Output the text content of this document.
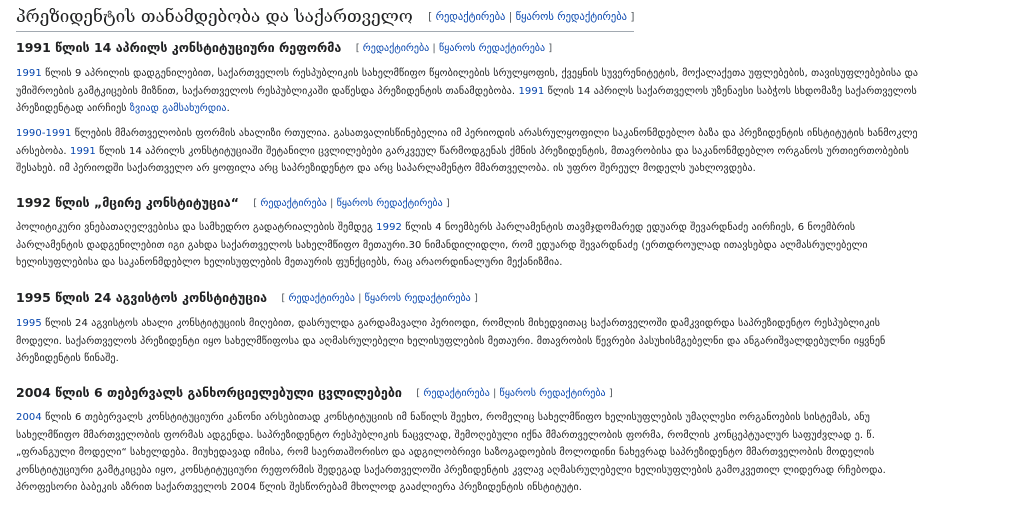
პრეზიდენტის თანამდებობა და საქართველო [ რედაქტირება | წყაროს რედაქტირება ]
1991 წლის 14 აპრილს კონსტიტუციური რეფორმა [ რედაქტირება | წყაროს რედაქტირება ]

1991 წლის 9 აპრილის დადგენილებით, საქართველოს რესპუბლიკის სახელმწიფო წყობილების სრულყოფის, ქვეყნის სუვერენიტეტის, მოქალაქეთა უფლებების, თავისუფლებებისა და
უმიშროების გამტკიცების მიზნით, საქართველოს რესპუბლიკაში დაწესდა პრეზიდენტის თანამდებობა. 1991 წლის 14 აპრილს საქართველოს უზენაესი საბჭოს სხდომაზე საქართველოს
პრეზიდენტად აირჩიეს ზვიად გამსახურდია.

1990-1991 წლების მმართველობის ფორმის ახალიზი რთულია. გასათვალისწინებელია იმ პერიოდის არასრულყოფილი საკანონმდებლო ბაზა და პრეზიდენტის ინსტიტუტის ხანმოკლე
არსებობა. 1991 წლის 14 აპრილს კონსტიტუციაში შეტანილი ცვლილებები გარკვეულ წარმოდგენას ქმნის პრეზიდენტის, მთავრობისა და საკანონმდებლო ორგანოს ურთიერთობების
შესახებ. იმ პერიოდში საქართველო არ ყოფილა არც საპრეზიდენტო და არც საპარლამენტო მმართველობა. ის უფრო შერეულ მოდელს უახლოვდება.

1992 წლის „მცირე კონსტიტუცია“ [ რედაქტირება | წყაროს რედაქტირება ]

პოლიტიკური ვნებათაღელვებისა და სამხედრო გადატრიალების შემდეგ 1992 წლის 4 ნოემბერს პარლამენტის თავმჯდომარედ ედუარდ შევარდნაძე აირჩიეს, 6 ნოემბრის
პარლამენტის დადგენილებით იგი გახდა საქართველოს სახელმწიფო მეთაური.30 ნიმანდილიდლი, რომ ედუარდ შევარდნაძე (ერთდროულად ითავსებდა ალმასრულებელი
ხელისუფლებისა და საკანონმდებლო ხელისუფლების მეთაურის ფუნქციებს, რაც არაორდინალური მექანიზმია.

1995 წლის 24 აგვისტოს კონსტიტუცია [ რედაქტირება | წყაროს რედაქტირება ]

1995 წლის 24 აგვისტოს ახალი კონსტიტუციის მიღებით, დასრულდა გარდამავალი პერიოდი, რომლის მიხედვითაც საქართველოში დამკვიდრდა საპრეზიდენტო რესპუბლიკის
მოდელი. საქართველოს პრეზიდენტი იყო სახელმწიფოსა და აღმასრულებელი ხელისუფლების მეთაური. მთავრობის წევრები პასუხისმგებელნი და ანგარიშვალდებულნი იყვნენ
პრეზიდენტის წინაშე.

2004 წლის 6 თებერვალს განხორციელებული ცვლილებები [ რედაქტირება | წყაროს რედაქტირება ]

2004 წლის 6 თებერვალს კონსტიტუციური კანონი არსებითად კონსტიტუციის იმ ნაწილს შეეხო, რომელიც სახელმწიფო ხელისუფლების უმაღლესი ორგანოების სისტემას, ანუ
სახელმწიფო მმართველობის ფორმას ადგენდა. საპრეზიდენტო რესპუბლიკის ნაცვლად, შემოღებული იქნა მმართველობის ფორმა, რომლის კონცეპტუალურ საფუძვლად ე. წ.
„ფრანგული მოდელი“ სახელდება. მიუხედავად იმისა, რომ საერთაშორისო და ადგილობრივი საზოგადოების მოლოდინი ნახევრად საპრეზიდენტო მმართველობის მოდელის
კონსტიტუციური გამტკიცება იყო, კონსტიტუციური რეფორმის შედეგად საქართველოში პრეზიდენტის კვლავ აღმასრულებელი ხელისუფლების გამოკვეთილ ლიდერად რჩებოდა.
პროფესორი ბაბეკის აზრით საქართველოს 2004 წლის შესწორებამ მხოლოდ გააძლიერა პრეზიდენტის ინსტიტუტი.
